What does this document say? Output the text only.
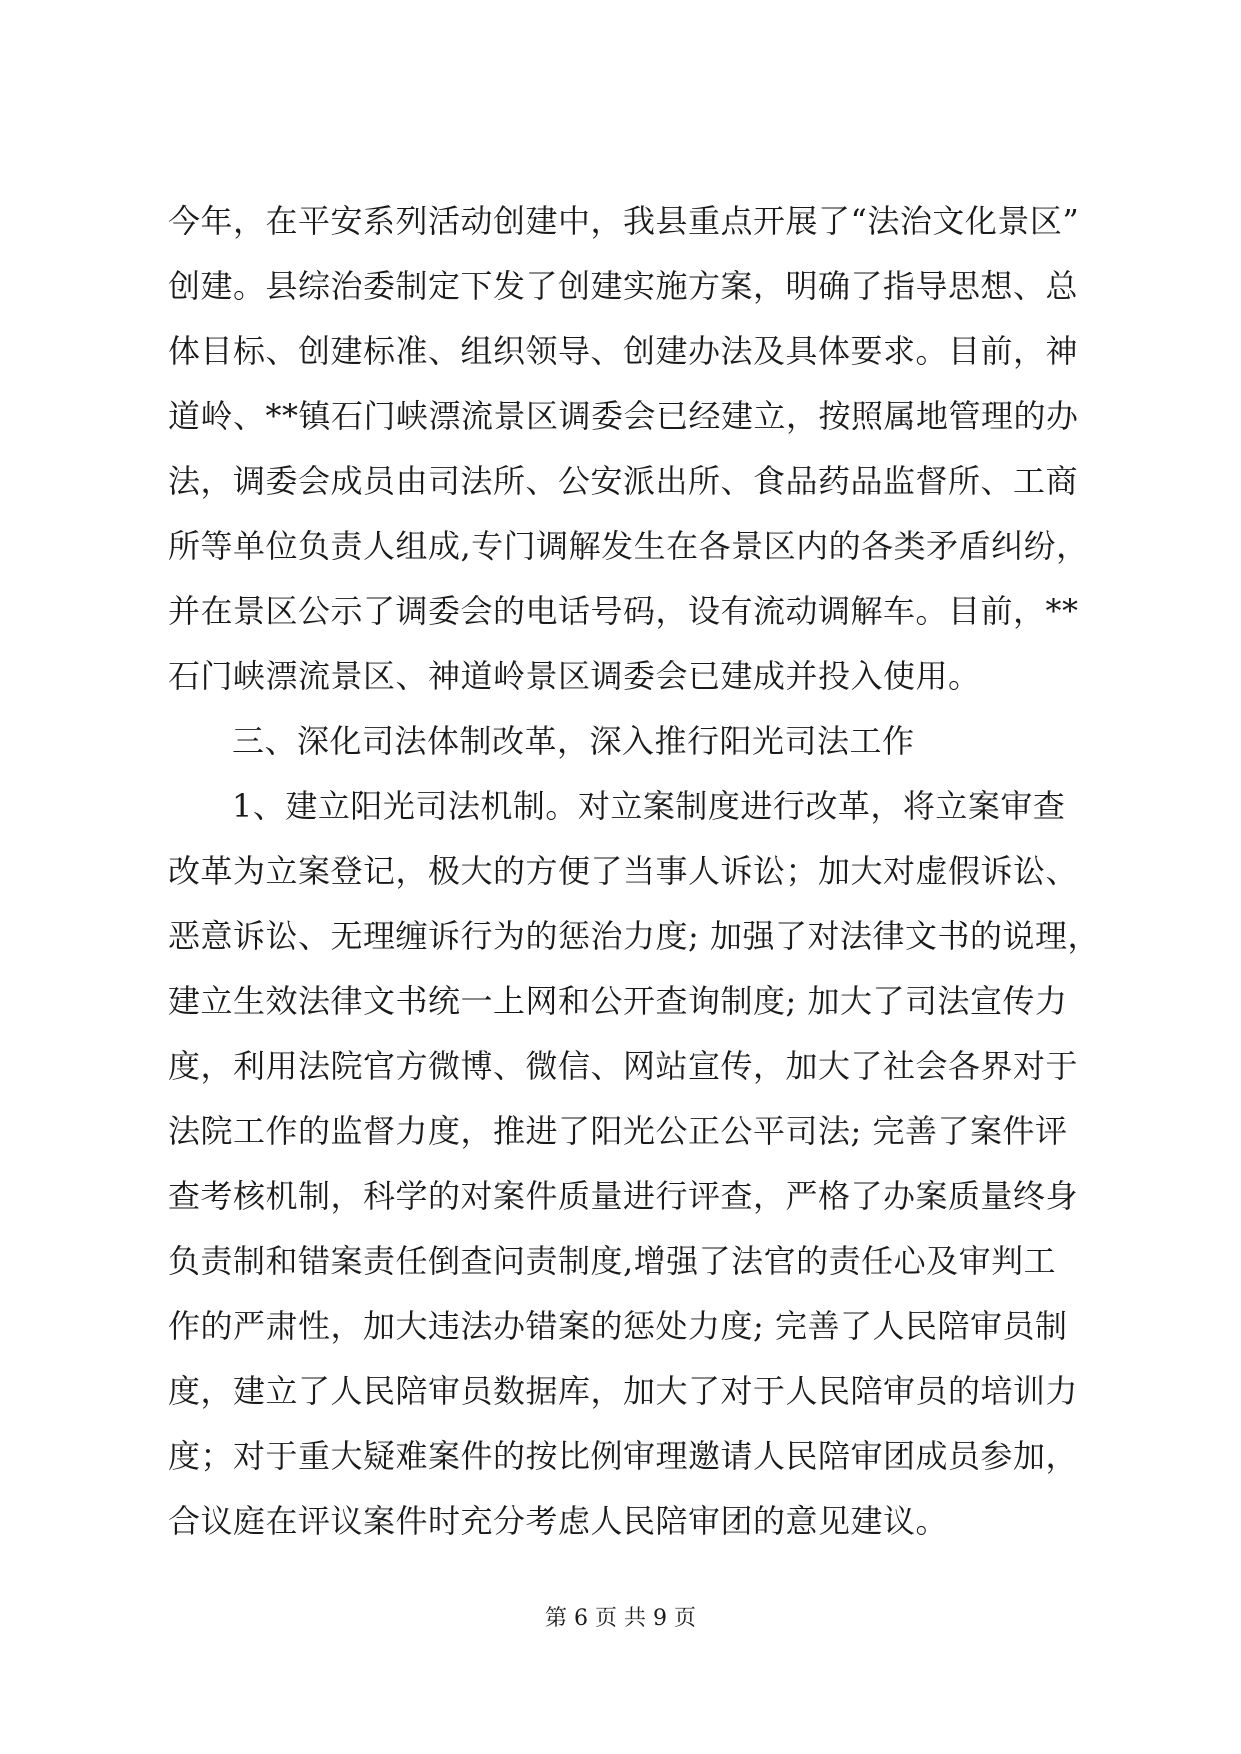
今年，在平安系列活动创建中，我县重点开展了“法治文化景区”
创建。县综治委制定下发了创建实施方案，明确了指导思想、总
体目标、创建标准、组织领导、创建办法及具体要求。目前，神
道岭、**镇石门峡漂流景区调委会已经建立，按照属地管理的办
法，调委会成员由司法所、公安派出所、食品药品监督所、工商
所等单位负责人组成,专门调解发生在各景区内的各类矛盾纠纷，
并在景区公示了调委会的电话号码，设有流动调解车。目前，**
石门峡漂流景区、神道岭景区调委会已建成并投入使用。
三、深化司法体制改革，深入推行阳光司法工作
1、建立阳光司法机制。对立案制度进行改革，将立案审查
改革为立案登记，极大的方便了当事人诉讼；加大对虚假诉讼、
恶意诉讼、无理缠诉行为的惩治力度; 加强了对法律文书的说理，
建立生效法律文书统一上网和公开查询制度; 加大了司法宣传力
度，利用法院官方微博、微信、网站宣传，加大了社会各界对于
法院工作的监督力度，推进了阳光公正公平司法; 完善了案件评
查考核机制，科学的对案件质量进行评查，严格了办案质量终身
负责制和错案责任倒查问责制度,增强了法官的责任心及审判工
作的严肃性，加大违法办错案的惩处力度; 完善了人民陪审员制
度，建立了人民陪审员数据库，加大了对于人民陪审员的培训力
度；对于重大疑难案件的按比例审理邀请人民陪审团成员参加，
合议庭在评议案件时充分考虑人民陪审团的意见建议。
第 6 页 共 9 页
